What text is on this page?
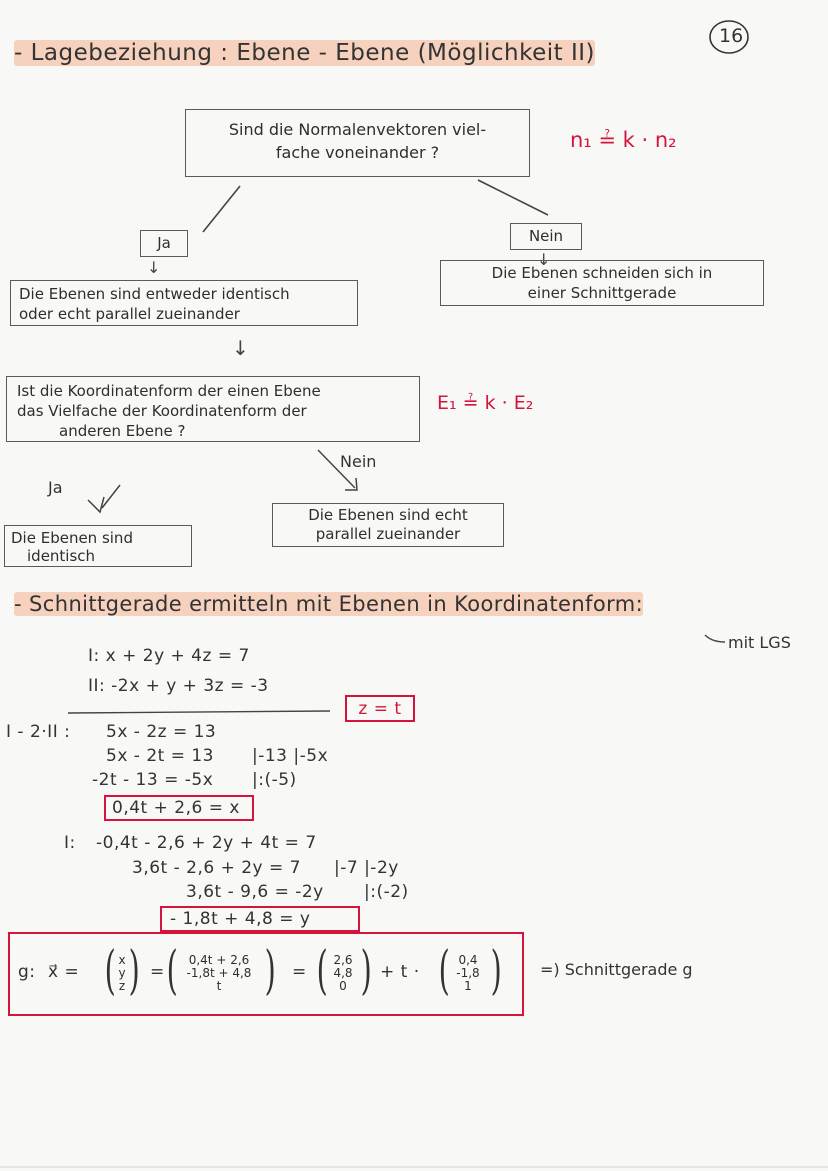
↓	↓
↓
- Lagebeziehung : Ebene - Ebene (Möglichkeit II)
16
Sind die Normalenvektoren viel-
fache voneinander ?
n₁ ≟ k · n₂
Ja	Nein
Die Ebenen schneiden sich in
einer Schnittgerade
Die Ebenen sind entweder identisch
oder echt parallel zueinander
Ist die Koordinatenform der einen Ebene
das Vielfache der Koordinatenform der
anderen Ebene ?
E₁ ≟ k · E₂
Ja
Nein
Die Ebenen sind
identisch
Die Ebenen sind echt
parallel zueinander
- Schnittgerade ermitteln mit Ebenen in Koordinatenform:
mit LGS
I: x + 2y + 4z = 7
II: -2x + y + 3z = -3
z = t
I - 2·II : 5x - 2z = 13
5x - 2t = 13 |-13 |-5x
-2t - 13 = -5x |:(-5)
0,4t + 2,6 = x
I: -0,4t - 2,6 + 2y + 4t = 7
3,6t - 2,6 + 2y = 7 |-7 |-2y
3,6t - 9,6 = -2y |:(-2)
- 1,8t + 4,8 = y
g: x⃗ = ( x
y
z ) = ( 0,4t + 2,6
-1,8t + 4,8
t ) = ( 2,6
4,8
0 ) + t · ( 0,4
-1,8
1 ) =) Schnittgerade g
